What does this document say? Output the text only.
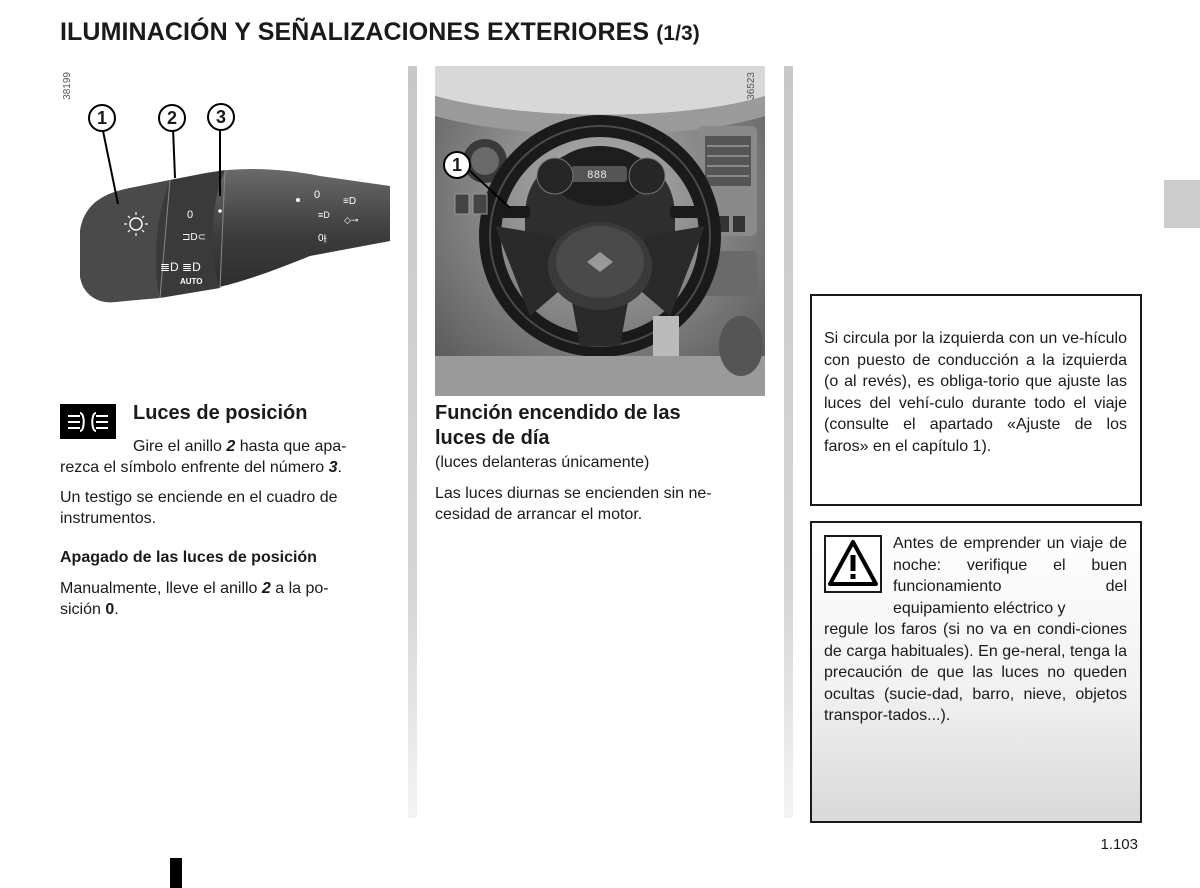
ILUMINACIÓN Y SEÑALIZACIONES EXTERIORES (1/3)
38199
0
⊐D⊂
≣D ≣D
AUTO
0
≡D
≡D ◇⊸
0⫲
1	2	3
888
1
36523
Luces de posición
Gire el anillo 2 hasta que apa-
rezca el símbolo enfrente del número 3.
Un testigo se enciende en el cuadro de instrumentos.
Apagado de las luces de posición
Manualmente, lleve el anillo 2 a la po-
sición 0.
Función encendido de las
luces de día
(luces delanteras únicamente)
Las luces diurnas se encienden sin ne-cesidad de arrancar el motor.
Si circula por la izquierda con un ve-hículo con puesto de conducción a la izquierda (o al revés), es obliga-torio que ajuste las luces del vehí-culo durante todo el viaje (consulte el apartado «Ajuste de los faros» en el capítulo 1).
Antes de emprender un viaje de noche: verifique el buen funcionamiento del equipamiento eléctrico y
regule los faros (si no va en condi-ciones de carga habituales). En ge-neral, tenga la precaución de que las luces no queden ocultas (sucie-dad, barro, nieve, objetos transpor-tados...).
1.103
